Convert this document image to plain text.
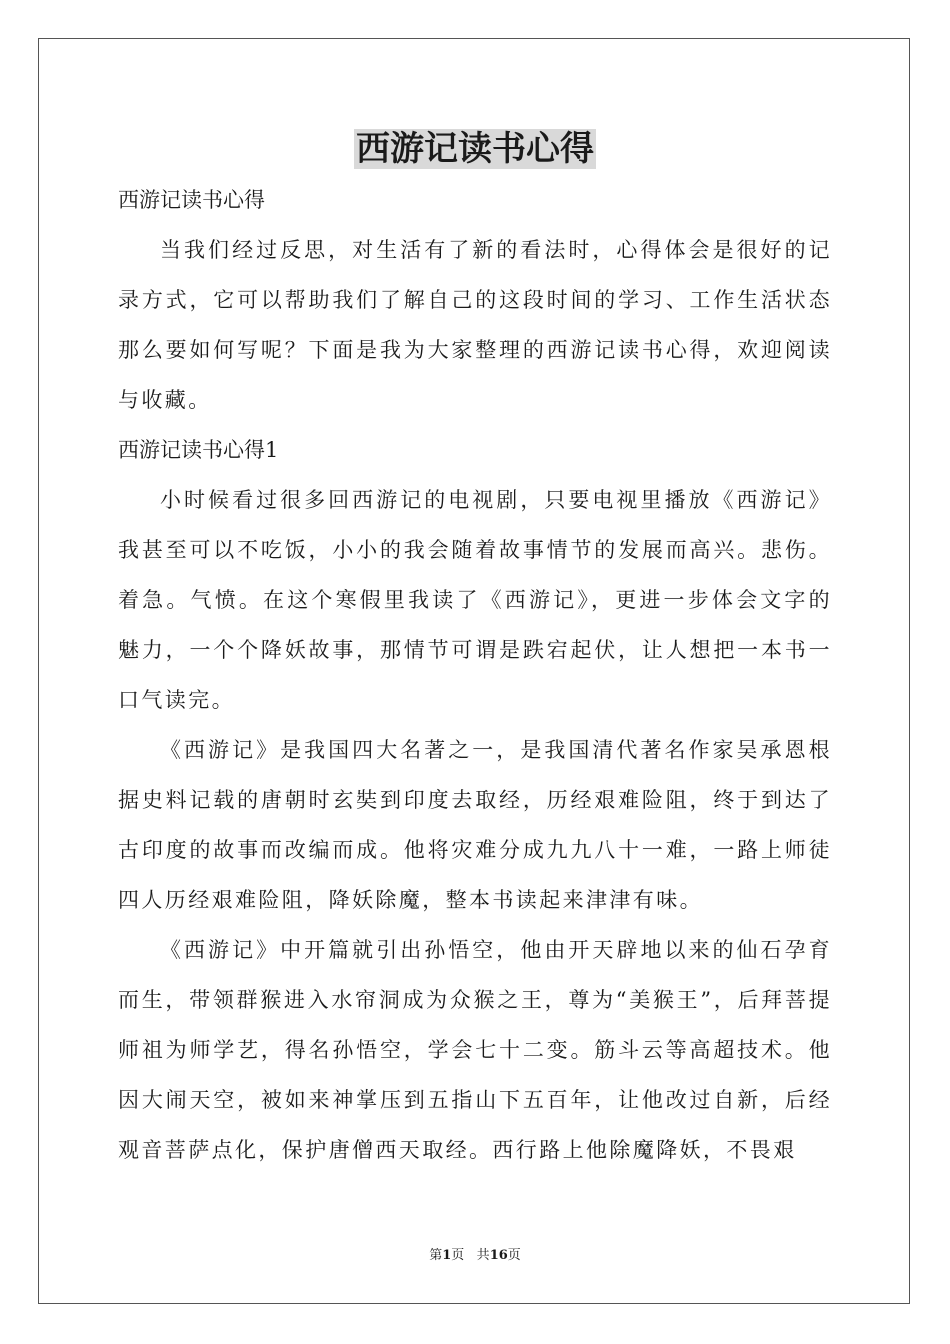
西游记读书心得

西游记读书心得

当我们经过反思，对生活有了新的看法时，心得体会是很好的记录方式，它可以帮助我们了解自己的这段时间的学习、工作生活状态那么要如何写呢？下面是我为大家整理的西游记读书心得，欢迎阅读与收藏。

西游记读书心得1

小时候看过很多回西游记的电视剧，只要电视里播放《西游记》我甚至可以不吃饭，小小的我会随着故事情节的发展而高兴。悲伤。着急。气愤。在这个寒假里我读了《西游记》，更进一步体会文字的魅力，一个个降妖故事，那情节可谓是跌宕起伏，让人想把一本书一口气读完。

《西游记》是我国四大名著之一，是我国清代著名作家吴承恩根据史料记载的唐朝时玄奘到印度去取经，历经艰难险阻，终于到达了古印度的故事而改编而成。他将灾难分成九九八十一难，一路上师徒四人历经艰难险阻，降妖除魔，整本书读起来津津有味。

《西游记》中开篇就引出孙悟空，他由开天辟地以来的仙石孕育而生，带领群猴进入水帘洞成为众猴之王，尊为“美猴王”，后拜菩提师祖为师学艺，得名孙悟空，学会七十二变。筋斗云等高超技术。他因大闹天空，被如来神掌压到五指山下五百年，让他改过自新，后经观音菩萨点化，保护唐僧西天取经。西行路上他除魔降妖，不畏艰

第1页 共16页
